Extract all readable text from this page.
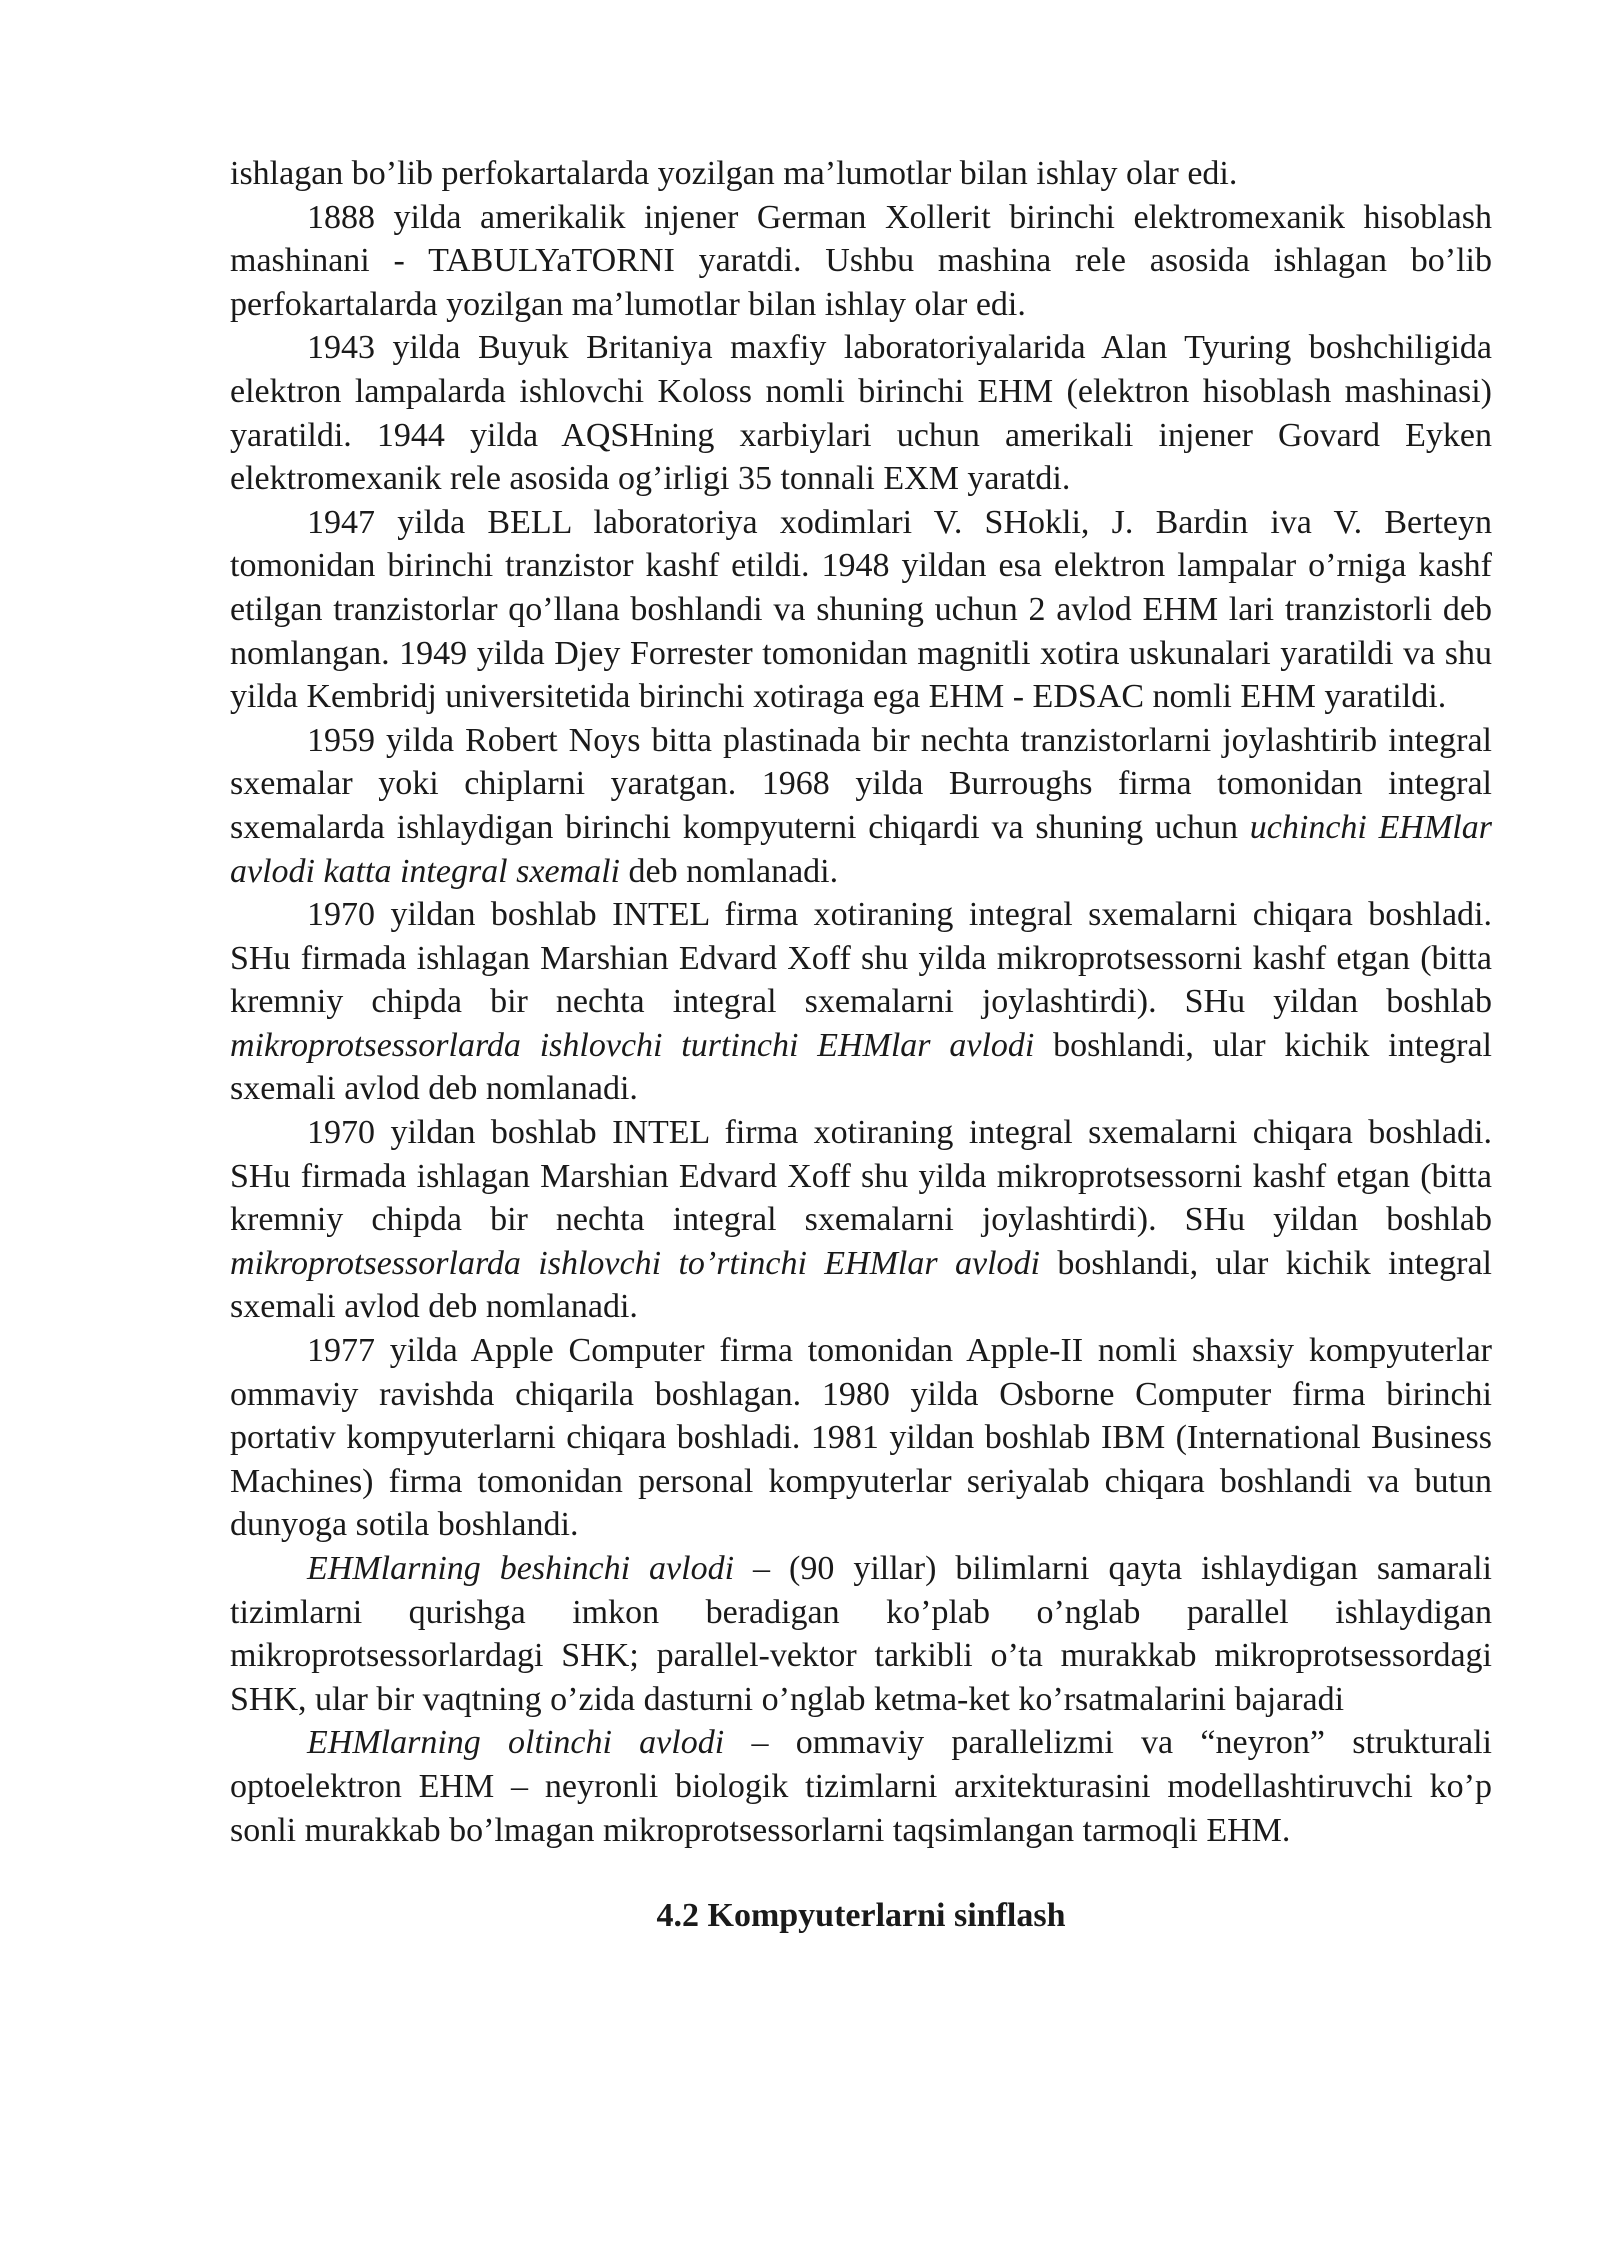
ishlagan bo’lib perfokartalarda yozilgan ma’lumotlar bilan ishlay olar edi.

1888 yilda amerikalik injener German Xollerit birinchi elektromexanik hisoblash mashinani - TABULYaTORNI yaratdi. Ushbu mashina rele asosida ishlagan bo’lib perfokartalarda yozilgan ma’lumotlar bilan ishlay olar edi.

1943 yilda Buyuk Britaniya maxfiy laboratoriyalarida Alan Tyuring boshchiligida elektron lampalarda ishlovchi Koloss nomli birinchi EHM (elektron hisoblash mashinasi) yaratildi. 1944 yilda AQSHning xarbiylari uchun amerikali injener Govard Eyken elektromexanik rele asosida og’irligi 35 tonnali EXM yaratdi.

1947 yilda BELL laboratoriya xodimlari V. SHokli, J. Bardin iva V. Berteyn tomonidan birinchi tranzistor kashf etildi. 1948 yildan esa elektron lampalar o’rniga kashf etilgan tranzistorlar qo’llana boshlandi va shuning uchun 2 avlod EHM lari tranzistorli deb nomlangan. 1949 yilda Djey Forrester tomonidan magnitli xotira uskunalari yaratildi va shu yilda Kembridj universitetida birinchi xotiraga ega EHM - EDSAC nomli EHM yaratildi.

1959 yilda Robert Noys bitta plastinada bir nechta tranzistorlarni joylashtirib integral sxemalar yoki chiplarni yaratgan. 1968 yilda Burroughs firma tomonidan integral sxemalarda ishlaydigan birinchi kompyuterni chiqardi va shuning uchun uchinchi EHMlar avlodi katta integral sxemali deb nomlanadi.

1970 yildan boshlab INTEL firma xotiraning integral sxemalarni chiqara boshladi. SHu firmada ishlagan Marshian Edvard Xoff shu yilda mikroprotsessorni kashf etgan (bitta kremniy chipda bir nechta integral sxemalarni joylashtirdi). SHu yildan boshlab mikroprotsessorlarda ishlovchi turtinchi EHMlar avlodi boshlandi, ular kichik integral sxemali avlod deb nomlanadi.

1970 yildan boshlab INTEL firma xotiraning integral sxemalarni chiqara boshladi. SHu firmada ishlagan Marshian Edvard Xoff shu yilda mikroprotsessorni kashf etgan (bitta kremniy chipda bir nechta integral sxemalarni joylashtirdi). SHu yildan boshlab mikroprotsessorlarda ishlovchi to’rtinchi EHMlar avlodi boshlandi, ular kichik integral sxemali avlod deb nomlanadi.

1977 yilda Apple Computer firma tomonidan Apple-II nomli shaxsiy kompyuterlar ommaviy ravishda chiqarila boshlagan. 1980 yilda Osborne Computer firma birinchi portativ kompyuterlarni chiqara boshladi. 1981 yildan boshlab IBM (International Business Machines) firma tomonidan personal kompyuterlar seriyalab chiqara boshlandi va butun dunyoga sotila boshlandi.

EHMlarning beshinchi avlodi – (90 yillar) bilimlarni qayta ishlaydigan samarali tizimlarni qurishga imkon beradigan ko’plab o’nglab parallel ishlaydigan mikroprotsessorlardagi SHK; parallel-vektor tarkibli o’ta murakkab mikroprotsessordagi SHK, ular bir vaqtning o’zida dasturni o’nglab ketma-ket ko’rsatmalarini bajaradi

EHMlarning oltinchi avlodi – ommaviy parallelizmi va “neyron” strukturali optoelektron EHM – neyronli biologik tizimlarni arxitekturasini modellashtiruvchi ko’p sonli murakkab bo’lmagan mikroprotsessorlarni taqsimlangan tarmoqli EHM.

4.2 Kompyuterlarni sinflash
